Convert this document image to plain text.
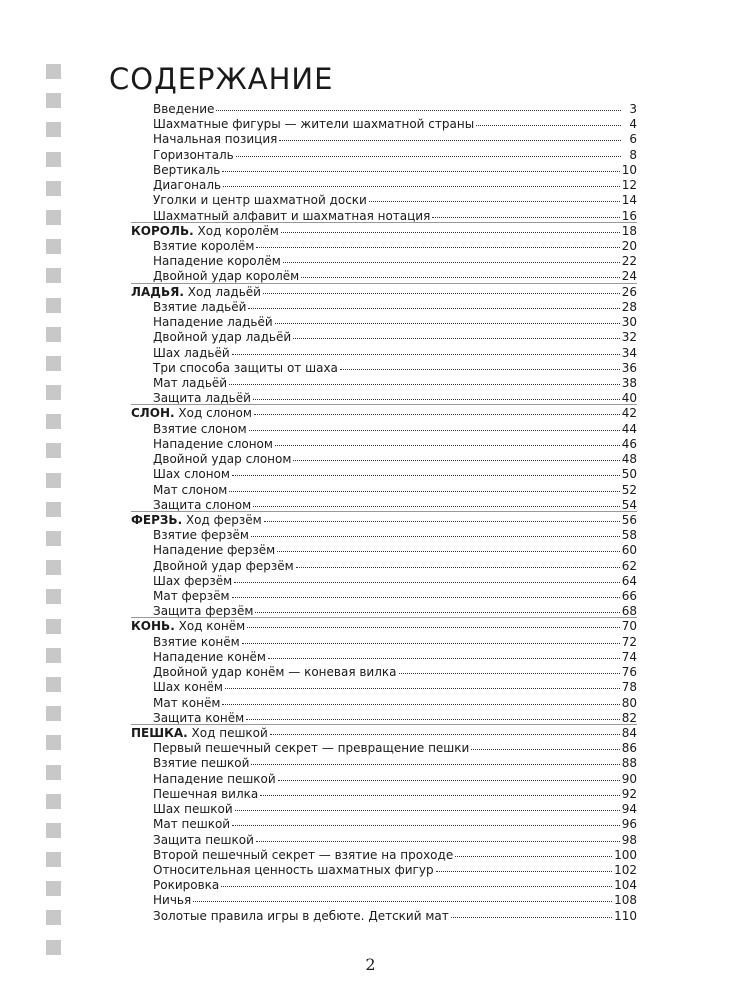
СОДЕРЖАНИЕ
Введение	3
Шахматные фигуры — жители шахматной страны	4
Начальная позиция	6
Горизонталь	8
Вертикаль	10
Диагональ	12
Уголки и центр шахматной доски	14
Шахматный алфавит и шахматная нотация	16
КОРОЛЬ. Ход королём	18
Взятие королём	20
Нападение королём	22
Двойной удар королём	24
ЛАДЬЯ. Ход ладьёй	26
Взятие ладьёй	28
Нападение ладьёй	30
Двойной удар ладьёй	32
Шах ладьёй	34
Три способа защиты от шаха	36
Мат ладьёй	38
Защита ладьёй	40
СЛОН. Ход слоном	42
Взятие слоном	44
Нападение слоном	46
Двойной удар слоном	48
Шах слоном	50
Мат слоном	52
Защита слоном	54
ФЕРЗЬ. Ход ферзём	56
Взятие ферзём	58
Нападение ферзём	60
Двойной удар ферзём	62
Шах ферзём	64
Мат ферзём	66
Защита ферзём	68
КОНЬ. Ход конём	70
Взятие конём	72
Нападение конём	74
Двойной удар конём — коневая вилка	76
Шах конём	78
Мат конём	80
Защита конём	82
ПЕШКА. Ход пешкой	84
Первый пешечный секрет — превращение пешки	86
Взятие пешкой	88
Нападение пешкой	90
Пешечная вилка	92
Шах пешкой	94
Мат пешкой	96
Защита пешкой	98
Второй пешечный секрет — взятие на проходе	100
Относительная ценность шахматных фигур	102
Рокировка	104
Ничья	108
Золотые правила игры в дебюте. Детский мат	110
2
